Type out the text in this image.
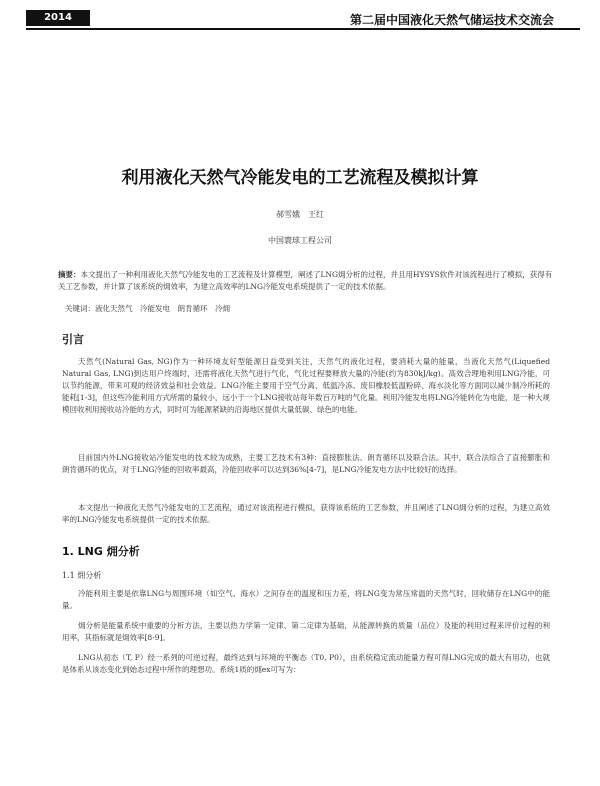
2014	第二届中国液化天然气储运技术交流会
利用液化天然气冷能发电的工艺流程及模拟计算
郝雪娥　王红
中国寰球工程公司
摘要：本文提出了一种利用液化天然气冷能发电的工艺流程及计算模型，阐述了LNG㶲分析的过程，并且用HYSYS软件对该流程进行了模拟，获得有关工艺参数，并计算了该系统的㶲效率，为建立高效率的LNG冷能发电系统提供了一定的技术依据。
关键词：液化天然气　冷能发电　朗肯循环　冷㶲
引言
天然气(Natural Gas, NG)作为一种环境友好型能源日益受到关注，天然气的液化过程，要消耗大量的能量，当液化天然气(Liquefied Natural Gas, LNG)到达用户终端时，还需将液化天然气进行气化，气化过程要释放大量的冷能(约为830kJ/kg)。高效合理地利用LNG冷能，可以节约能源，带来可观的经济效益和社会效益。LNG冷能主要用于空气分离、低温冷冻、废旧橡胶低温粉碎、海水淡化等方面同以减少制冷所耗的能耗[1-3]，但这些冷能利用方式所需的量较小，远小于一个LNG接收站每年数百万吨的气化量。利用冷能发电将LNG冷能转化为电能，是一种大规模回收利用接收站冷能的方式，同时可为能源紧缺的沿海地区提供大量低碳、绿色的电能。
目前国内外LNG接收站冷能发电的技术较为成熟，主要工艺技术有3种：直接膨胀法、朗肯循环以及联合法。其中，联合法综合了直接膨胀和朗肯循环的优点，对于LNG冷能的回收率最高，冷能回收率可以达到36%[4-7]，是LNG冷能发电方法中比较好的选择。
本文提出一种液化天然气冷能发电的工艺流程，通过对该流程进行模拟，获得该系统的工艺参数，并且阐述了LNG㶲分析的过程，为建立高效率的LNG冷能发电系统提供一定的技术依据。
1. LNG 㶲分析
1.1 㶲分析
冷能利用主要是依靠LNG与周围环境（如空气、海水）之间存在的温度和压力差，将LNG变为常压常温的天然气时，回收储存在LNG中的能量。
㶲分析是能量系统中重要的分析方法，主要以热力学第一定律、第二定律为基础，从能源转换的质量（品位）及能的利用过程来评价过程的利用率，其指标就是㶲效率[8-9]。
LNG从初态（T, P）经一系列的可逆过程，最终达到与环境的平衡态（T0, P0），由系统稳定流动能量方程可得LNG完成的最大有用功，也就是体系从该态变化到始态过程中所作的理想功。系统1质的㶲ex可写为：
